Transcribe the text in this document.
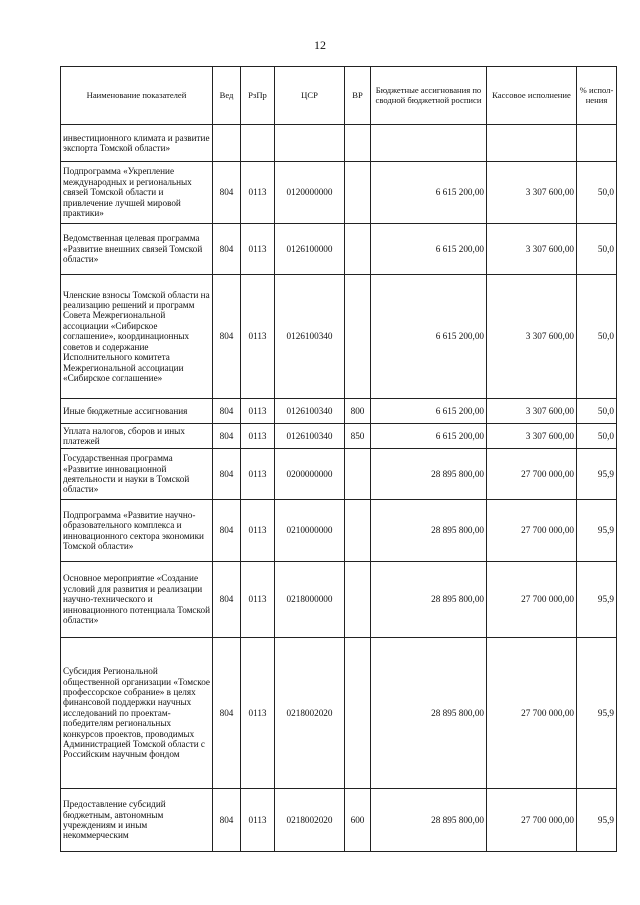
12
Наименование показателей	Вед	РзПр	ЦСР	ВР	Бюджетные ассигнования по сводной бюджетной росписи	Кассовое исполнение	% испол-нения
инвестиционного климата и развитие экспорта Томской области»							
Подпрограмма «Укрепление международных и региональных связей Томской области и привлечение лучшей мировой практики»	804	0113	0120000000		6 615 200,00	3 307 600,00	50,0
Ведомственная целевая программа «Развитие внешних связей Томской области»	804	0113	0126100000		6 615 200,00	3 307 600,00	50,0
Членские взносы Томской области на реализацию решений и программ Совета Межрегиональной ассоциации «Сибирское соглашение», координационных советов и содержание Исполнительного комитета Межрегиональной ассоциации «Сибирское соглашение»	804	0113	0126100340		6 615 200,00	3 307 600,00	50,0
Иные бюджетные ассигнования	804	0113	0126100340	800	6 615 200,00	3 307 600,00	50,0
Уплата налогов, сборов и иных платежей	804	0113	0126100340	850	6 615 200,00	3 307 600,00	50,0
Государственная программа «Развитие инновационной деятельности и науки в Томской области»	804	0113	0200000000		28 895 800,00	27 700 000,00	95,9
Подпрограмма «Развитие научно-образовательного комплекса и инновационного сектора экономики Томской области»	804	0113	0210000000		28 895 800,00	27 700 000,00	95,9
Основное мероприятие «Создание условий для развития и реализации научно-технического и инновационного потенциала Томской области»	804	0113	0218000000		28 895 800,00	27 700 000,00	95,9
Субсидия Региональной общественной организации «Томское профессорское собрание» в целях финансовой поддержки научных исследований по проектам-победителям региональных конкурсов проектов, проводимых Администрацией Томской области с Российским научным фондом	804	0113	0218002020		28 895 800,00	27 700 000,00	95,9
Предоставление субсидий бюджетным, автономным учреждениям и иным некоммерческим	804	0113	0218002020	600	28 895 800,00	27 700 000,00	95,9
